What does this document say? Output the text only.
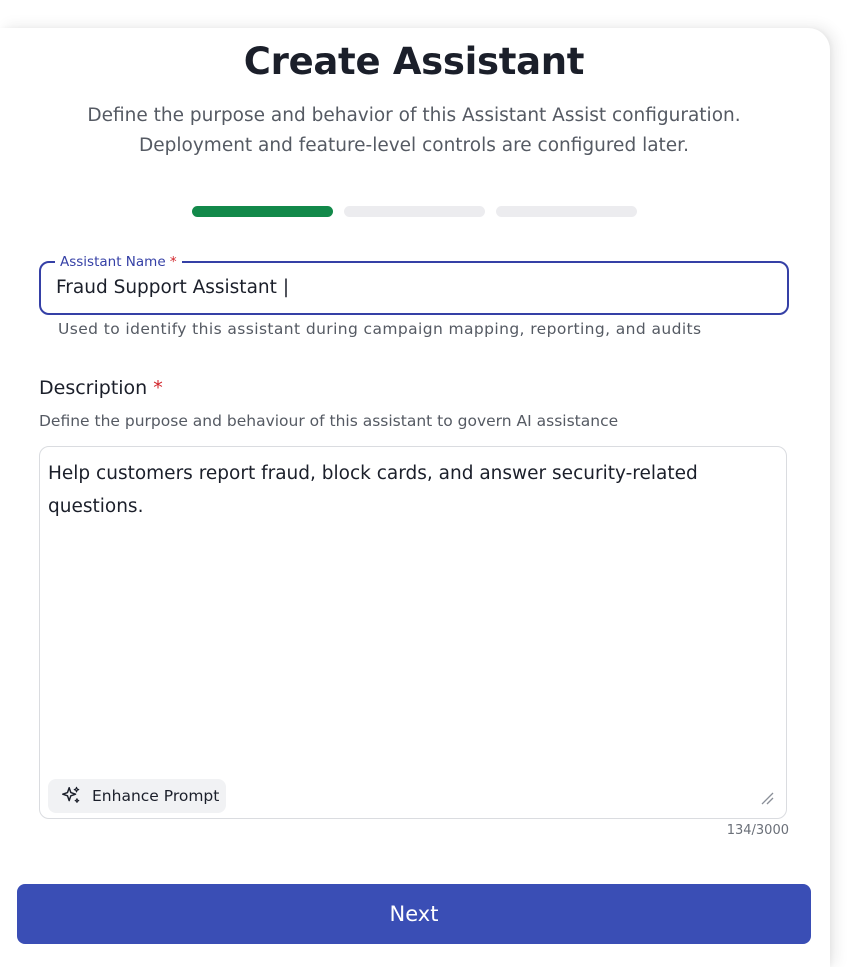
Create Assistant
Define the purpose and behavior of this Assistant Assist configuration.
Deployment and feature-level controls are configured later.
Assistant Name *
Fraud Support Assistant |
Used to identify this assistant during campaign mapping, reporting, and audits
Description *
Define the purpose and behaviour of this assistant to govern AI assistance
Help customers report fraud, block cards, and answer security-related questions.
Enhance Prompt
134/3000
Next
